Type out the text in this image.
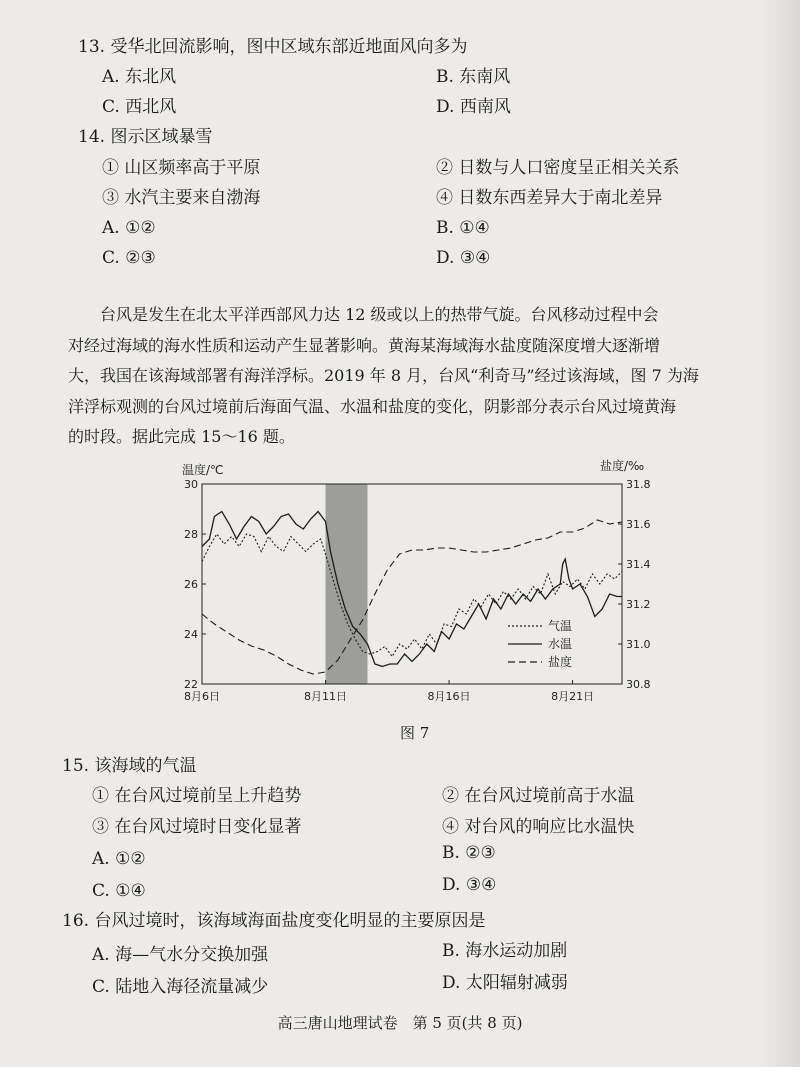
13. 受华北回流影响，图中区域东部近地面风向多为
A. 东北风	B. 东南风
C. 西北风	D. 西南风
14. 图示区域暴雪
① 山区频率高于平原	② 日数与人口密度呈正相关关系
③ 水汽主要来自渤海	④ 日数东西差异大于南北差异
A. ①②	B. ①④
C. ②③	D. ③④
台风是发生在北太平洋西部风力达 12 级或以上的热带气旋。台风移动过程中会
对经过海域的海水性质和运动产生显著影响。黄海某海域海水盐度随深度增大逐渐增
大，我国在该海域部署有海洋浮标。2019 年 8 月，台风“利奇马”经过该海域，图 7 为海
洋浮标观测的台风过境前后海面气温、水温和盐度的变化，阴影部分表示台风过境黄海
的时段。据此完成 15～16 题。
温度/℃	盐度/‰
22
24
26
28
30
30.8
31.0
31.2
31.4
31.6
31.8
8月6日	8月11日	8月16日	8月21日
气温
水温
盐度
图 7
15. 该海域的气温
① 在台风过境前呈上升趋势	② 在台风过境前高于水温
③ 在台风过境时日变化显著	④ 对台风的响应比水温快
A. ①②	B. ②③
C. ①④	D. ③④
16. 台风过境时，该海域海面盐度变化明显的主要原因是
A. 海—气水分交换加强	B. 海水运动加剧
C. 陆地入海径流量减少	D. 太阳辐射减弱
高三唐山地理试卷　第 5 页(共 8 页)
